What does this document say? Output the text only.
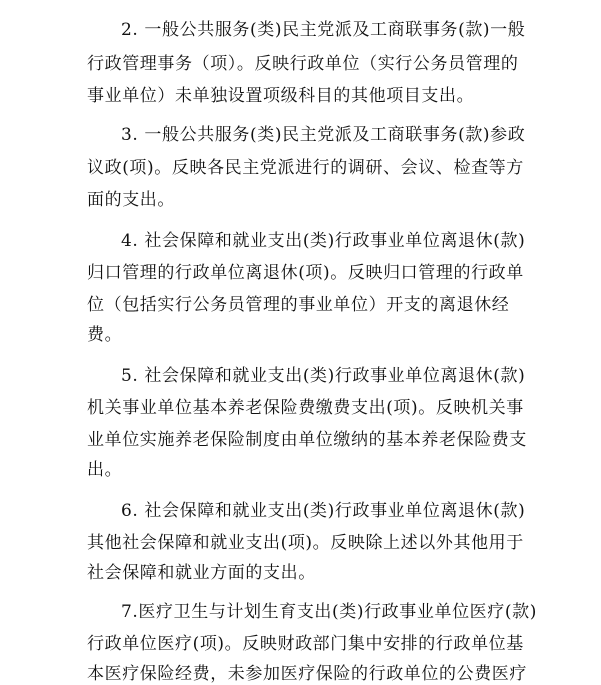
2. 一般公共服务(类)民主党派及工商联事务(款)一般
行政管理事务（项）。反映行政单位（实行公务员管理的
事业单位）未单独设置项级科目的其他项目支出。
3. 一般公共服务(类)民主党派及工商联事务(款)参政
议政(项)。反映各民主党派进行的调研、会议、检查等方
面的支出。
4. 社会保障和就业支出(类)行政事业单位离退休(款)
归口管理的行政单位离退休(项)。反映归口管理的行政单
位（包括实行公务员管理的事业单位）开支的离退休经
费。
5. 社会保障和就业支出(类)行政事业单位离退休(款)
机关事业单位基本养老保险费缴费支出(项)。反映机关事
业单位实施养老保险制度由单位缴纳的基本养老保险费支
出。
6. 社会保障和就业支出(类)行政事业单位离退休(款)
其他社会保障和就业支出(项)。反映除上述以外其他用于
社会保障和就业方面的支出。
7.医疗卫生与计划生育支出(类)行政事业单位医疗(款)
行政单位医疗(项)。反映财政部门集中安排的行政单位基
本医疗保险经费，未参加医疗保险的行政单位的公费医疗
